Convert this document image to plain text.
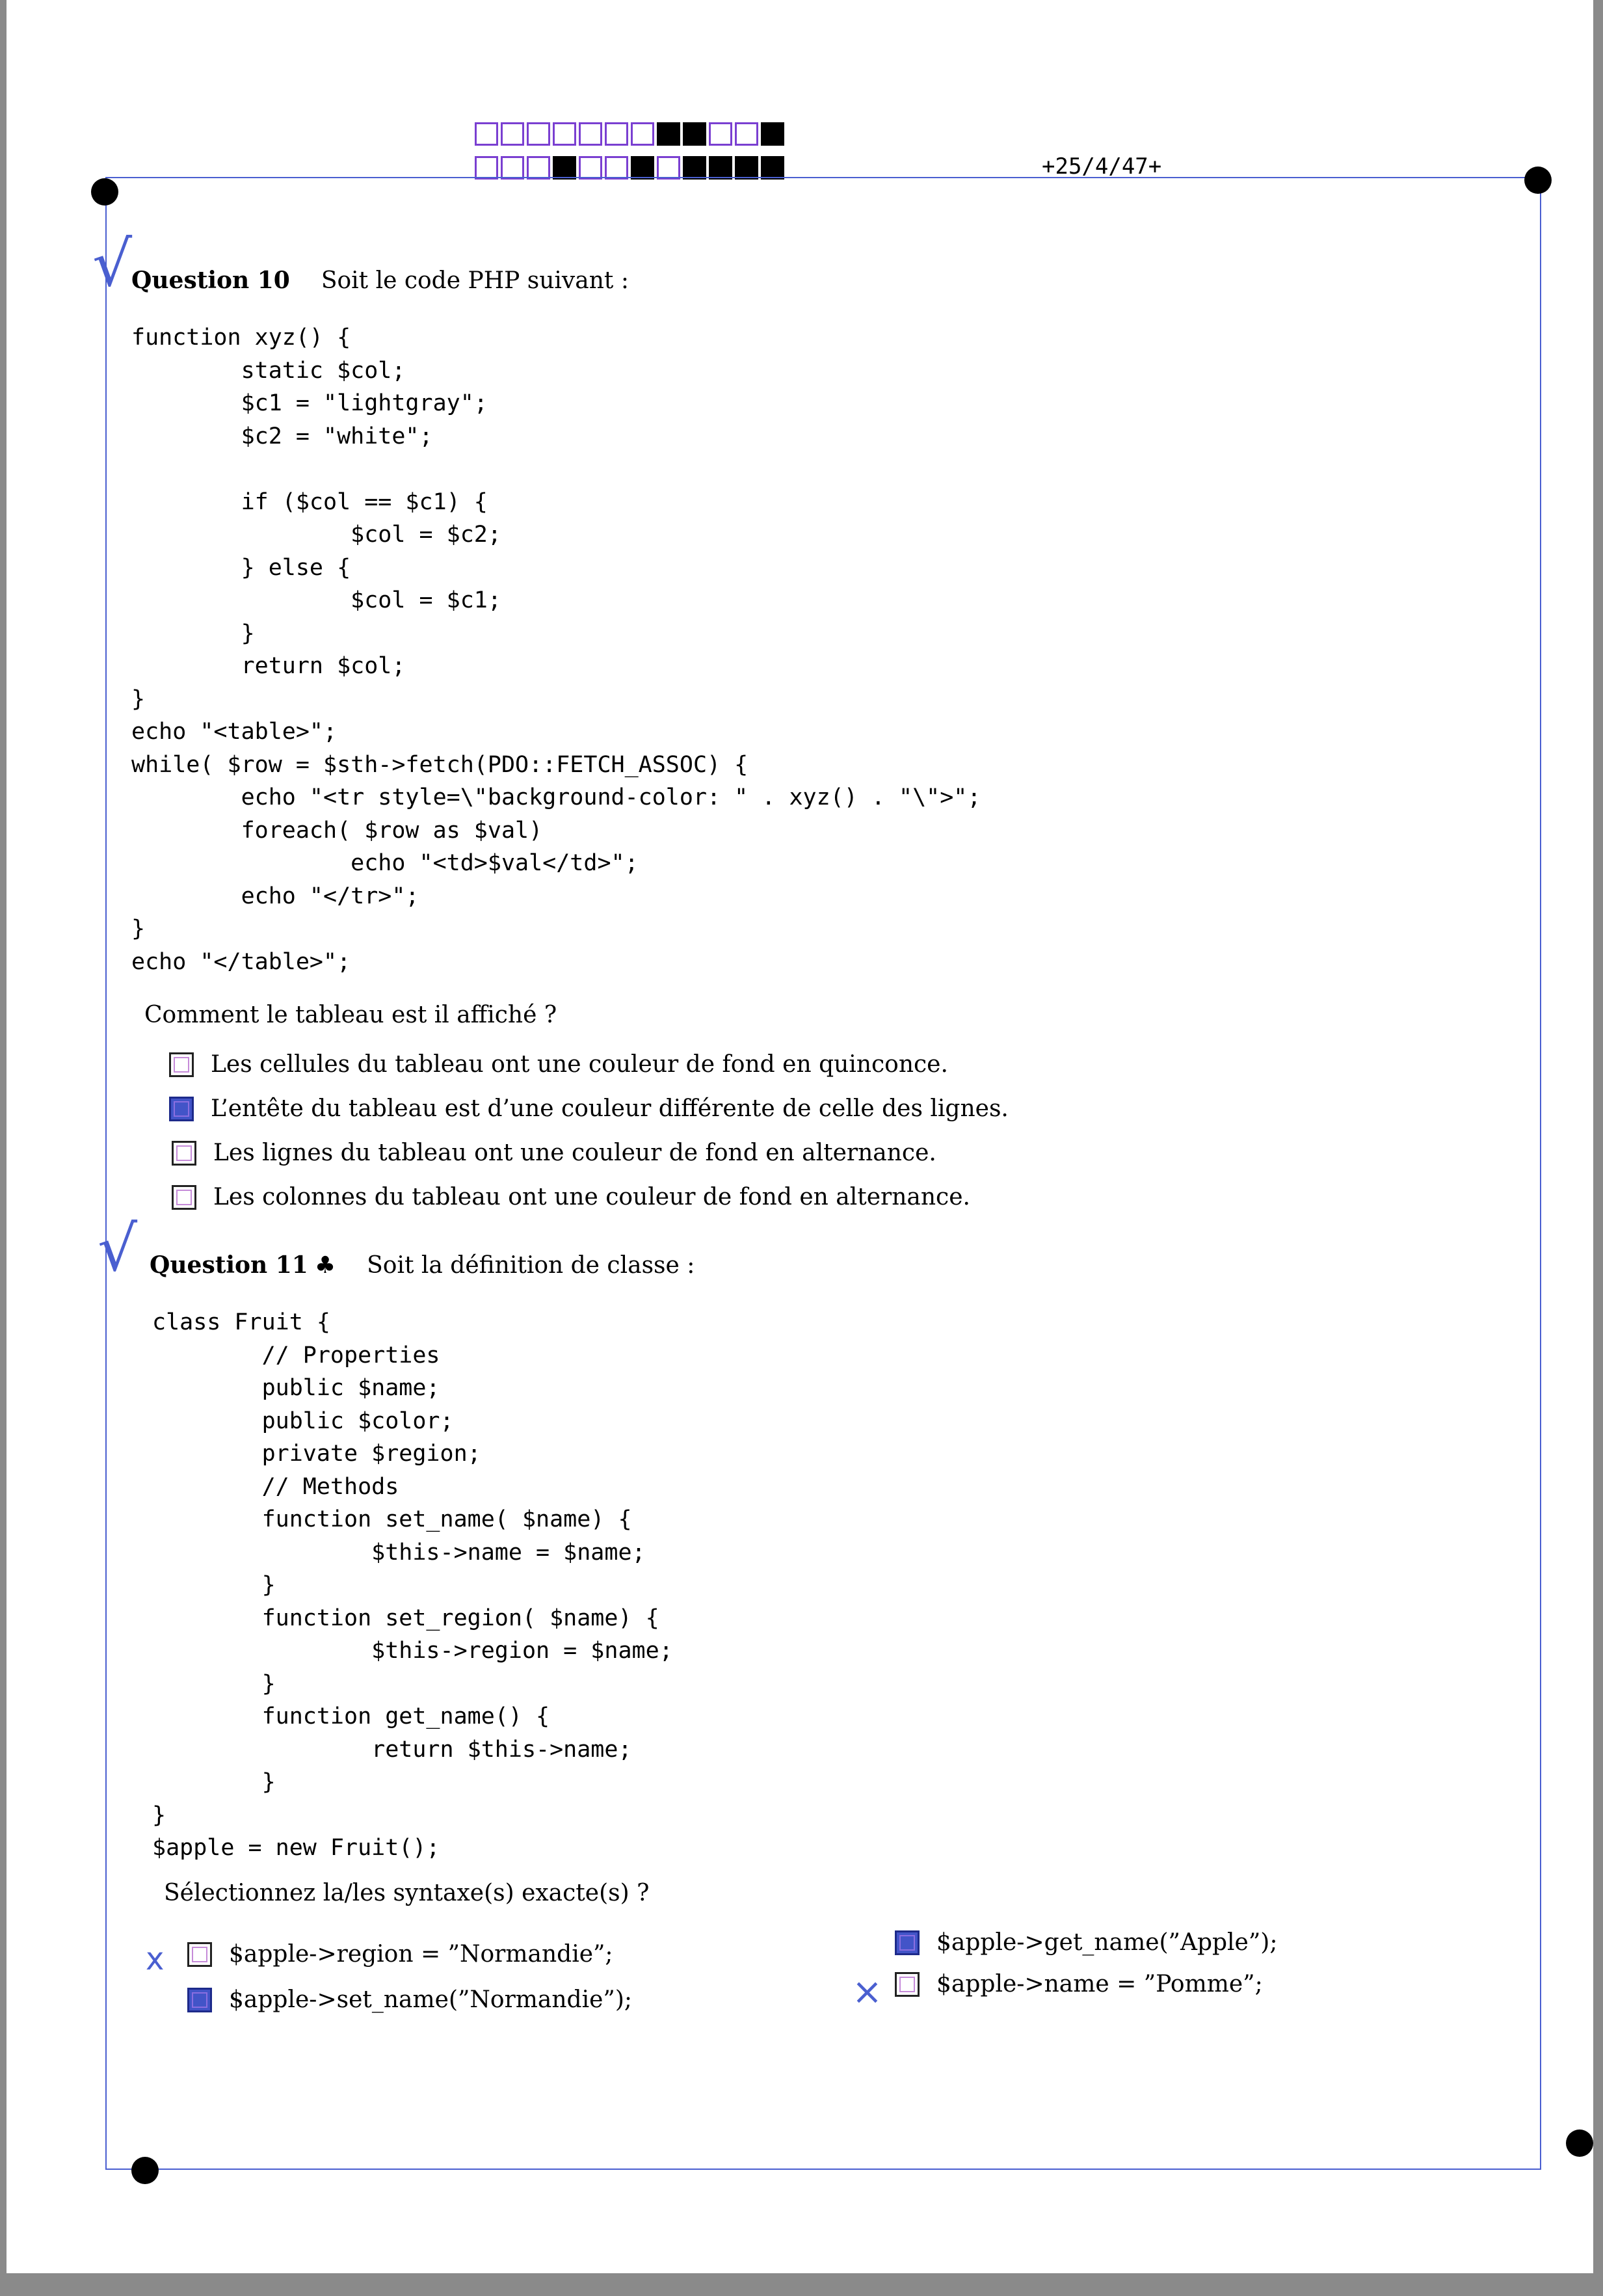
+25/4/47+
√
Question 10 Soit le code PHP suivant :
function xyz() {
static $col;
$c1 = "lightgray";
$c2 = "white";

if ($col == $c1) {
$col = $c2;
} else {
$col = $c1;
}
return $col;
}
echo "<table>";
while( $row = $sth->fetch(PDO::FETCH_ASSOC) {
echo "<tr style=\"background-color: " . xyz() . "\">";
foreach( $row as $val)
echo "<td>$val</td>";
echo "</tr>";
}
echo "</table>";
Comment le tableau est il affiché ?
Les cellules du tableau ont une couleur de fond en quinconce.
L’entête du tableau est d’une couleur différente de celle des lignes.
Les lignes du tableau ont une couleur de fond en alternance.
Les colonnes du tableau ont une couleur de fond en alternance.
√ Question 11 ♣ Soit la définition de classe :
class Fruit {
// Properties
public $name;
public $color;
private $region;
// Methods
function set_name( $name) {
$this->name = $name;
}
function set_region( $name) {
$this->region = $name;
}
function get_name() {
return $this->name;
}
}
$apple = new Fruit();
Sélectionnez la/les syntaxe(s) exacte(s) ?
x	$apple->region = ”Normandie”;
$apple->set_name(”Normandie”);
$apple->get_name(”Apple”);
× $apple->name = ”Pomme”;
